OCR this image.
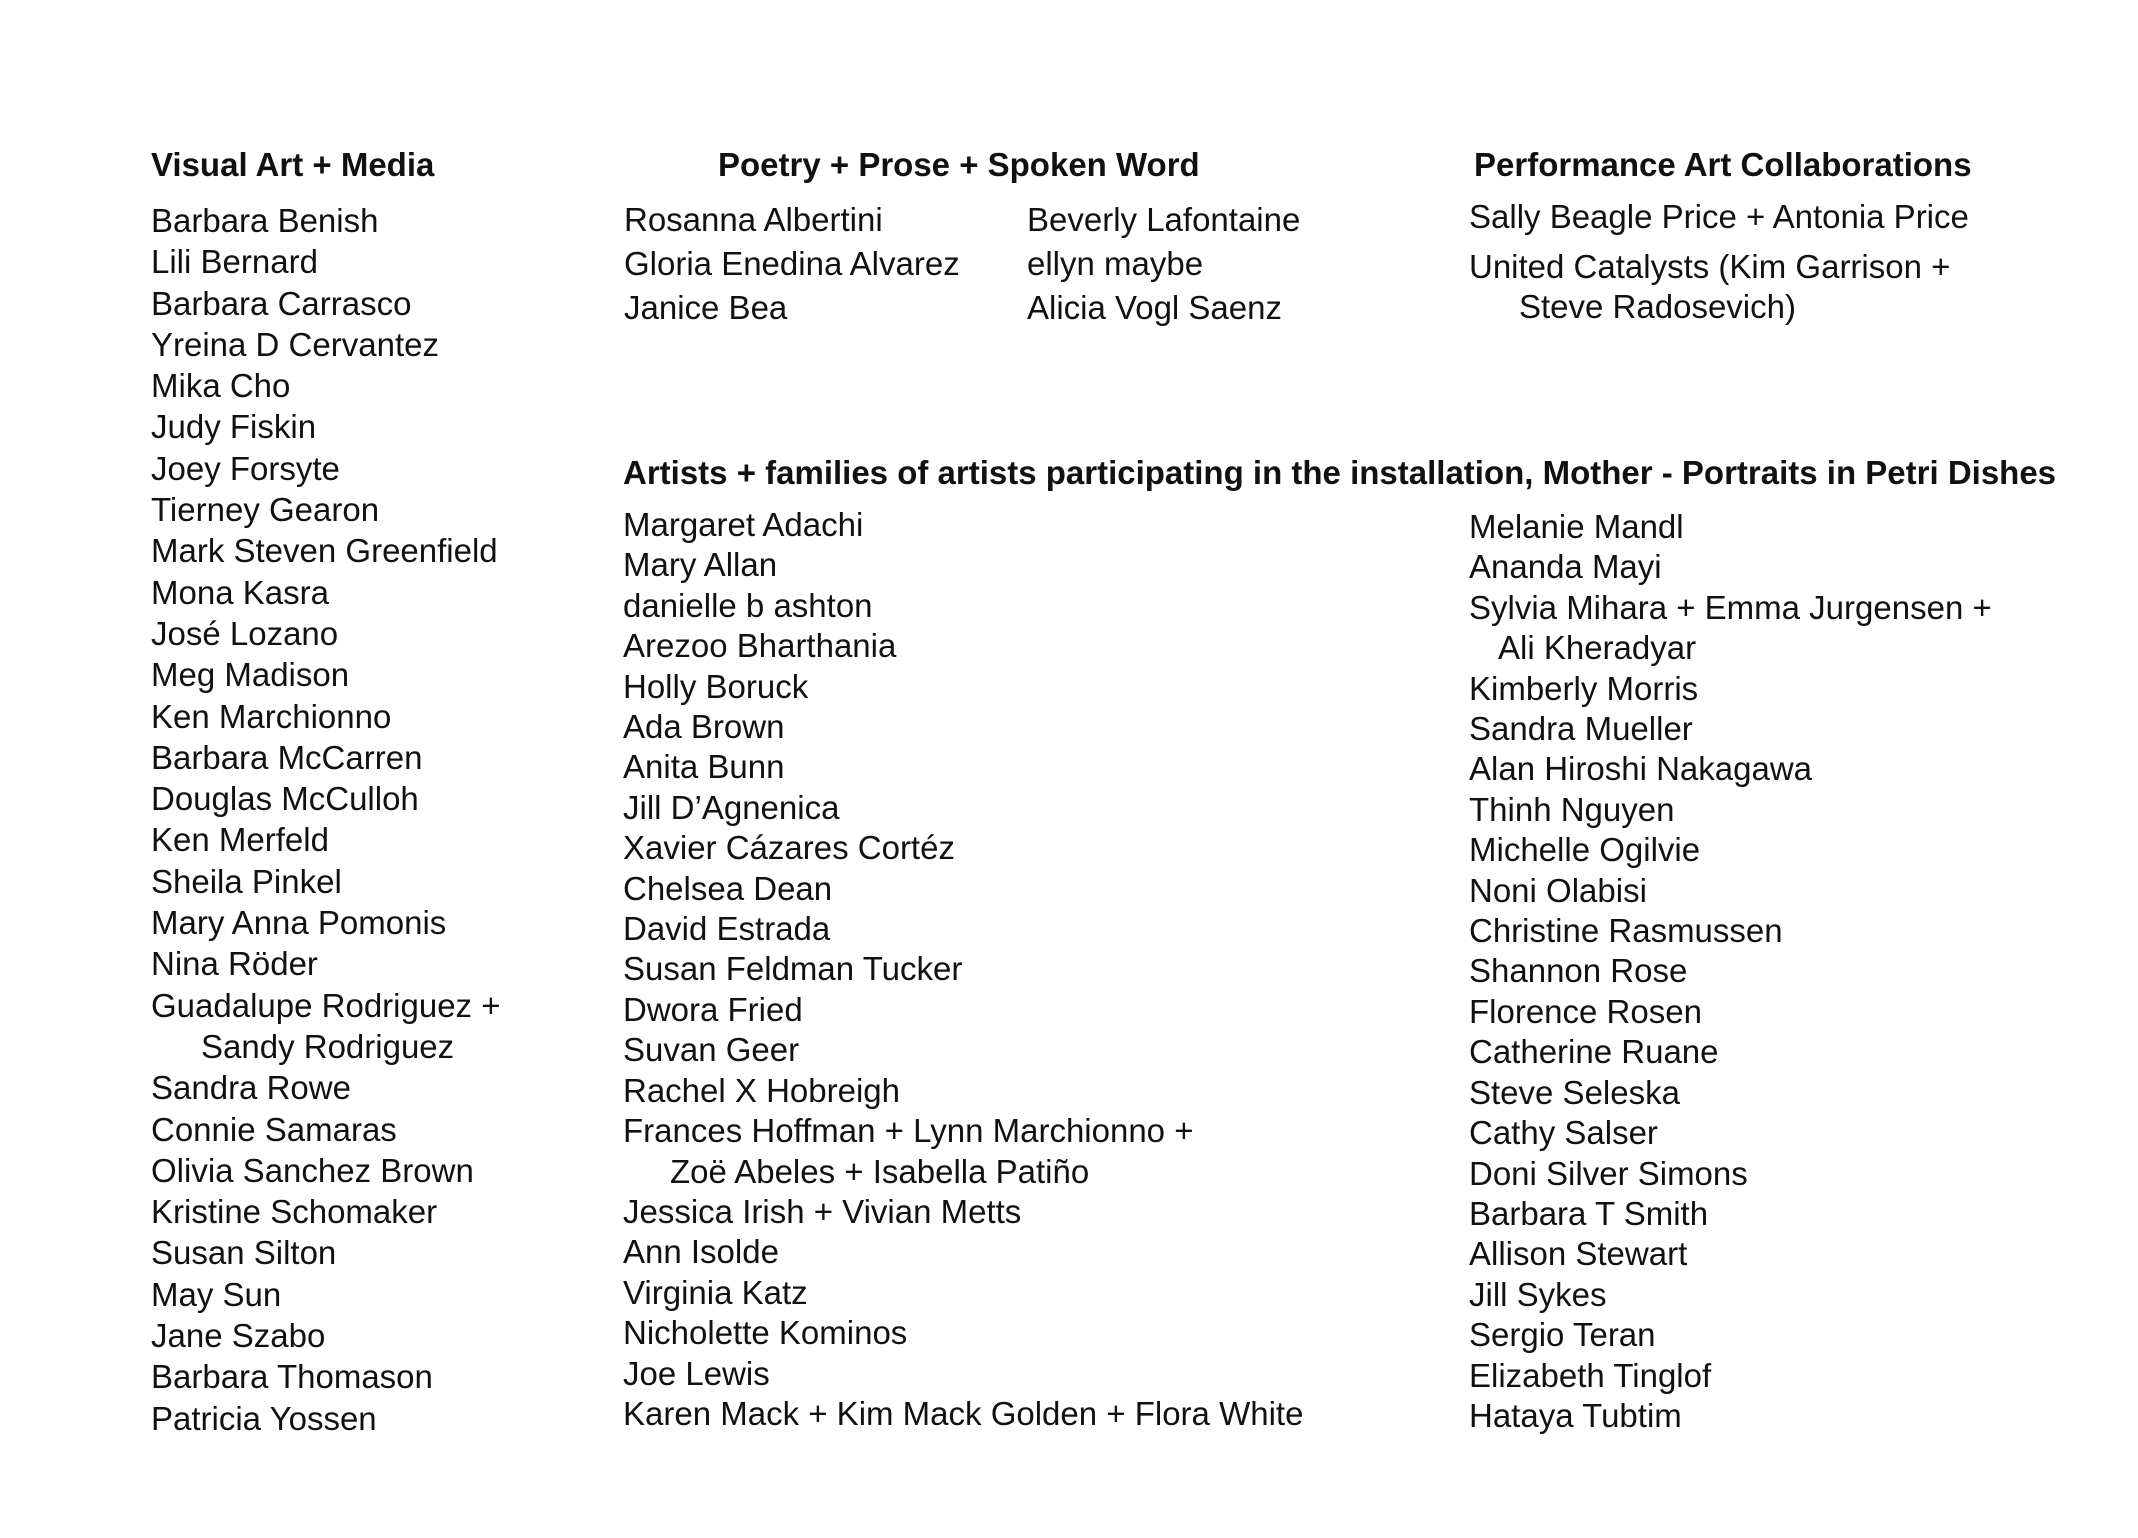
Visual Art + Media
Barbara Benish
Lili Bernard
Barbara Carrasco
Yreina D Cervantez
Mika Cho
Judy Fiskin
Joey Forsyte
Tierney Gearon
Mark Steven Greenfield
Mona Kasra
José Lozano
Meg Madison
Ken Marchionno
Barbara McCarren
Douglas McCulloh
Ken Merfeld
Sheila Pinkel
Mary Anna Pomonis
Nina Röder
Guadalupe Rodriguez +
Sandy Rodriguez
Sandra Rowe
Connie Samaras
Olivia Sanchez Brown
Kristine Schomaker
Susan Silton
May Sun
Jane Szabo
Barbara Thomason
Patricia Yossen
Poetry + Prose + Spoken Word
Rosanna Albertini
Gloria Enedina Alvarez
Janice Bea
Beverly Lafontaine
ellyn maybe
Alicia Vogl Saenz
Performance Art Collaborations
Sally Beagle Price + Antonia Price
United Catalysts (Kim Garrison +
Steve Radosevich)
Artists + families of artists participating in the installation, Mother - Portraits in Petri Dishes
Margaret Adachi
Mary Allan
danielle b ashton
Arezoo Bharthania
Holly Boruck
Ada Brown
Anita Bunn
Jill D’Agnenica
Xavier Cázares Cortéz
Chelsea Dean
David Estrada
Susan Feldman Tucker
Dwora Fried
Suvan Geer
Rachel X Hobreigh
Frances Hoffman + Lynn Marchionno +
Zoë Abeles + Isabella Patiño
Jessica Irish + Vivian Metts
Ann Isolde
Virginia Katz
Nicholette Kominos
Joe Lewis
Karen Mack + Kim Mack Golden + Flora White
Melanie Mandl
Ananda Mayi
Sylvia Mihara + Emma Jurgensen +
Ali Kheradyar
Kimberly Morris
Sandra Mueller
Alan Hiroshi Nakagawa
Thinh Nguyen
Michelle Ogilvie
Noni Olabisi
Christine Rasmussen
Shannon Rose
Florence Rosen
Catherine Ruane
Steve Seleska
Cathy Salser
Doni Silver Simons
Barbara T Smith
Allison Stewart
Jill Sykes
Sergio Teran
Elizabeth Tinglof
Hataya Tubtim
